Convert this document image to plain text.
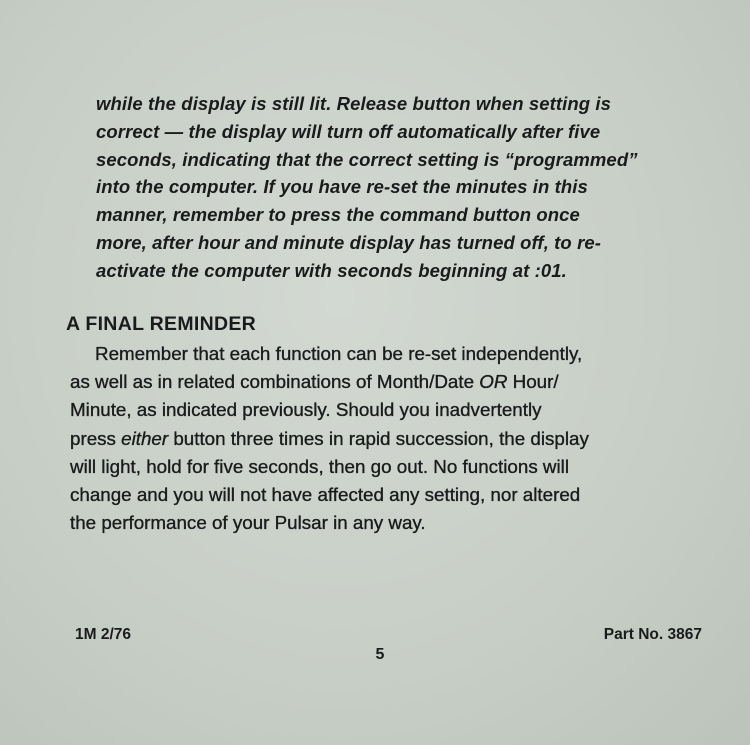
while the display is still lit. Release button when setting is
correct — the display will turn off automatically after five
seconds, indicating that the correct setting is “programmed”
into the computer. If you have re-set the minutes in this
manner, remember to press the command button once
more, after hour and minute display has turned off, to re-
activate the computer with seconds beginning at :01.
A FINAL REMINDER
Remember that each function can be re-set independently,
as well as in related combinations of Month/Date OR Hour/
Minute, as indicated previously. Should you inadvertently
press either button three times in rapid succession, the display
will light, hold for five seconds, then go out. No functions will
change and you will not have affected any setting, nor altered
the performance of your Pulsar in any way.
1M 2/76	Part No. 3867
5
